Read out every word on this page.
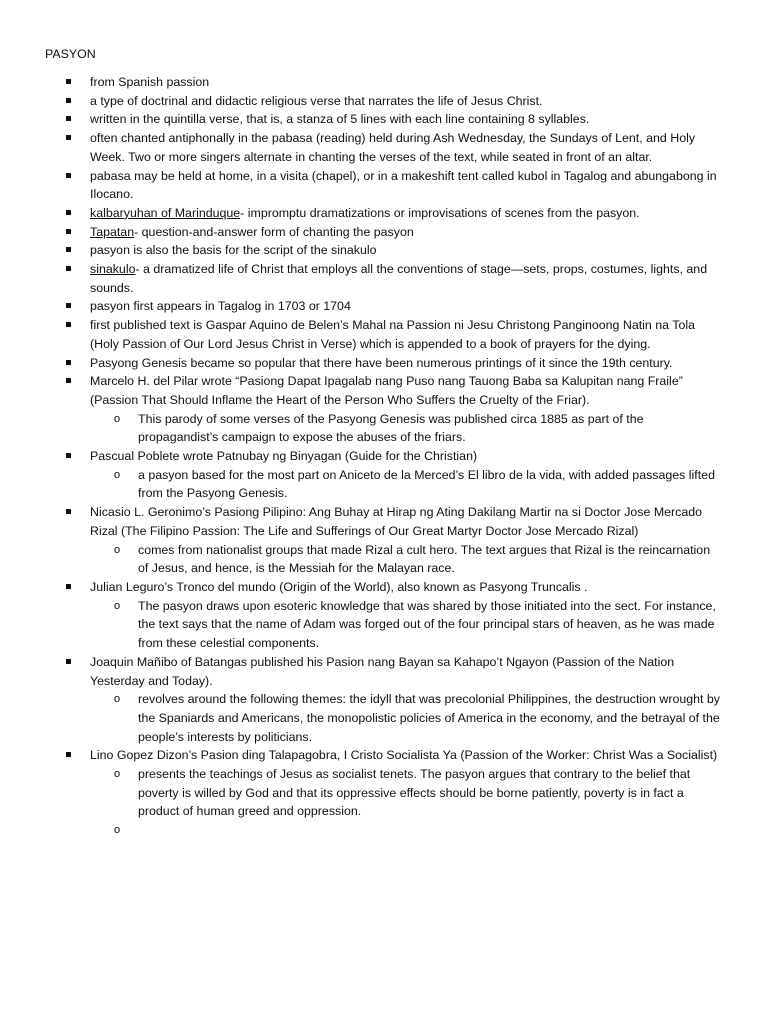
PASYON
from Spanish passion
a type of doctrinal and didactic religious verse that narrates the life of Jesus Christ.
written in the quintilla verse, that is, a stanza of 5 lines with each line containing 8 syllables.
often chanted antiphonally in the pabasa (reading) held during Ash Wednesday, the Sundays of Lent, and Holy Week. Two or more singers alternate in chanting the verses of the text, while seated in front of an altar.
pabasa may be held at home, in a visita (chapel), or in a makeshift tent called kubol in Tagalog and abungabong in Ilocano.
kalbaryuhan of Marinduque- impromptu dramatizations or improvisations of scenes from the pasyon.
Tapatan- question-and-answer form of chanting the pasyon
pasyon is also the basis for the script of the sinakulo
sinakulo- a dramatized life of Christ that employs all the conventions of stage—sets, props, costumes, lights, and sounds.
pasyon first appears in Tagalog in 1703 or 1704
first published text is Gaspar Aquino de Belen’s Mahal na Passion ni Jesu Christong Panginoong Natin na Tola (Holy Passion of Our Lord Jesus Christ in Verse) which is appended to a book of prayers for the dying.
Pasyong Genesis became so popular that there have been numerous printings of it since the 19th century.
Marcelo H. del Pilar wrote “Pasiong Dapat Ipagalab nang Puso nang Tauong Baba sa Kalupitan nang Fraile” (Passion That Should Inflame the Heart of the Person Who Suffers the Cruelty of the Friar).
o This parody of some verses of the Pasyong Genesis was published circa 1885 as part of the propagandist’s campaign to expose the abuses of the friars.
Pascual Poblete wrote Patnubay ng Binyagan (Guide for the Christian)
o a pasyon based for the most part on Aniceto de la Merced’s El libro de la vida, with added passages lifted from the Pasyong Genesis.
Nicasio L. Geronimo’s Pasiong Pilipino: Ang Buhay at Hirap ng Ating Dakilang Martir na si Doctor Jose Mercado Rizal (The Filipino Passion: The Life and Sufferings of Our Great Martyr Doctor Jose Mercado Rizal)
o comes from nationalist groups that made Rizal a cult hero. The text argues that Rizal is the reincarnation of Jesus, and hence, is the Messiah for the Malayan race.
Julian Leguro’s Tronco del mundo (Origin of the World), also known as Pasyong Truncalis .
o The pasyon draws upon esoteric knowledge that was shared by those initiated into the sect. For instance, the text says that the name of Adam was forged out of the four principal stars of heaven, as he was made from these celestial components.
Joaquin Mañibo of Batangas published his Pasion nang Bayan sa Kahapo’t Ngayon (Passion of the Nation Yesterday and Today).
o revolves around the following themes: the idyll that was precolonial Philippines, the destruction wrought by the Spaniards and Americans, the monopolistic policies of America in the economy, and the betrayal of the people’s interests by politicians.
Lino Gopez Dizon’s Pasion ding Talapagobra, I Cristo Socialista Ya (Passion of the Worker: Christ Was a Socialist)
o presents the teachings of Jesus as socialist tenets. The pasyon argues that contrary to the belief that poverty is willed by God and that its oppressive effects should be borne patiently, poverty is in fact a product of human greed and oppression.
o
